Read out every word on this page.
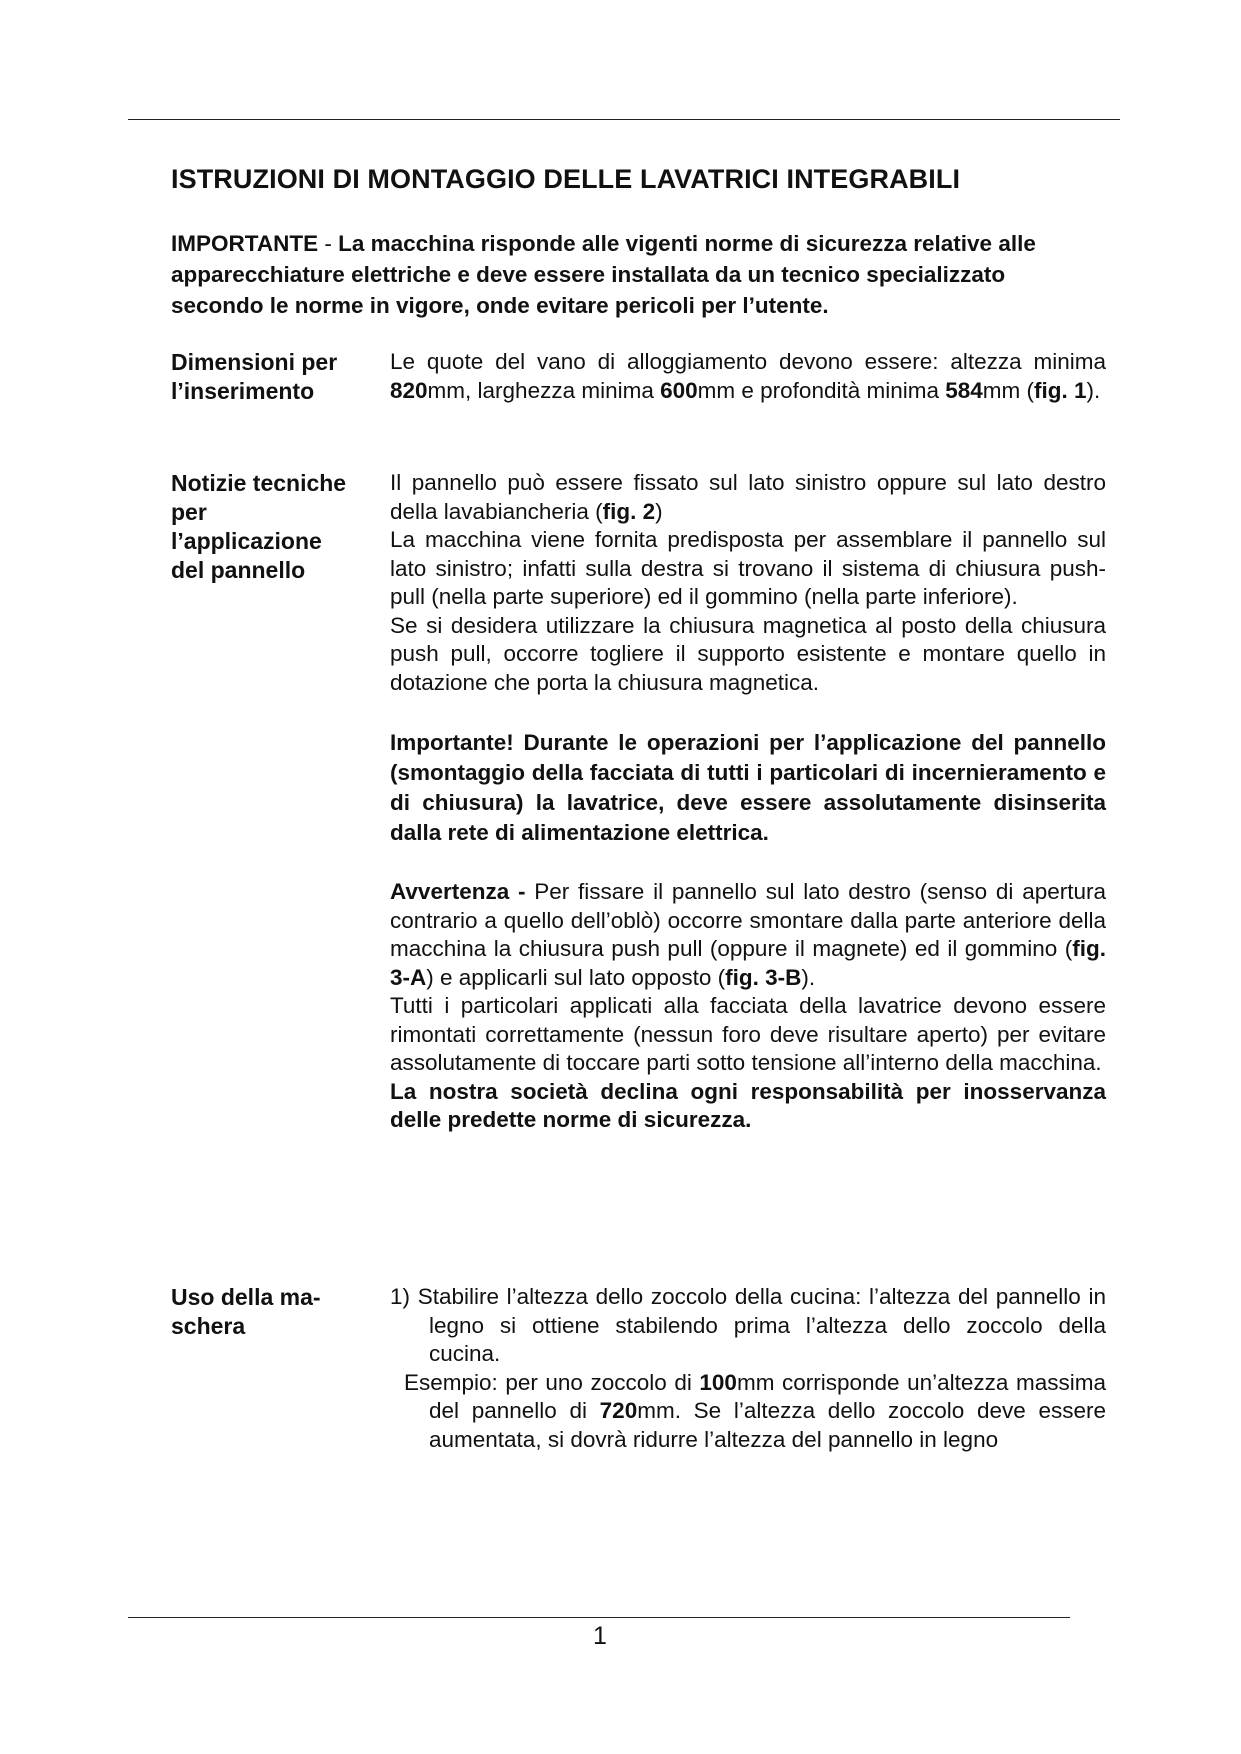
ISTRUZIONI DI MONTAGGIO DELLE LAVATRICI INTEGRABILI
IMPORTANTE - La macchina risponde alle vigenti norme di sicurezza relative alle apparecchiature elettriche e deve essere installata da un tecnico specializzato secondo le norme in vigore, onde evitare pericoli per l’utente.
Dimensioni per
l’inserimento

Le quote del vano di alloggiamento devono essere: altezza minima 820mm, larghezza minima 600mm e profondità minima 584mm (fig. 1).

Notizie tecniche
per
l’applicazione
del pannello

Il pannello può essere fissato sul lato sinistro oppure sul lato destro della lavabiancheria (fig. 2)

La macchina viene fornita predisposta per assemblare il pannello sul lato sinistro; infatti sulla destra si trovano il sistema di chiusura push-pull (nella parte superiore) ed il gommino (nella parte inferiore).

Se si desidera utilizzare la chiusura magnetica al posto della chiusura push pull, occorre togliere il supporto esistente e montare quello in dotazione che porta la chiusura magnetica.

Importante! Durante le operazioni per l’applicazione del pannello (smontaggio della facciata di tutti i particolari di incernieramento e di chiusura) la lavatrice, deve essere assolutamente disinserita dalla rete di alimentazione elettrica.

Avvertenza - Per fissare il pannello sul lato destro (senso di apertura contrario a quello dell’oblò) occorre smontare dalla parte anteriore della macchina la chiusura push pull (oppure il magnete) ed il gommino (fig. 3-A) e applicarli sul lato opposto (fig. 3-B).

Tutti i particolari applicati alla facciata della lavatrice devono essere rimontati correttamente (nessun foro deve risultare aperto) per evitare assolutamente di toccare parti sotto tensione all’interno della macchina.

La nostra società declina ogni responsabilità per inosservanza delle predette norme di sicurezza.

Uso della ma-
schera

1) Stabilire l’altezza dello zoccolo della cucina: l’altezza del pannello in legno si ottiene stabilendo prima l’altezza dello zoccolo della cucina.

Esempio: per uno zoccolo di 100mm corrisponde un’altezza massima del pannello di 720mm. Se l’altezza dello zoccolo deve essere aumentata, si dovrà ridurre l’altezza del pannello in legno

1
